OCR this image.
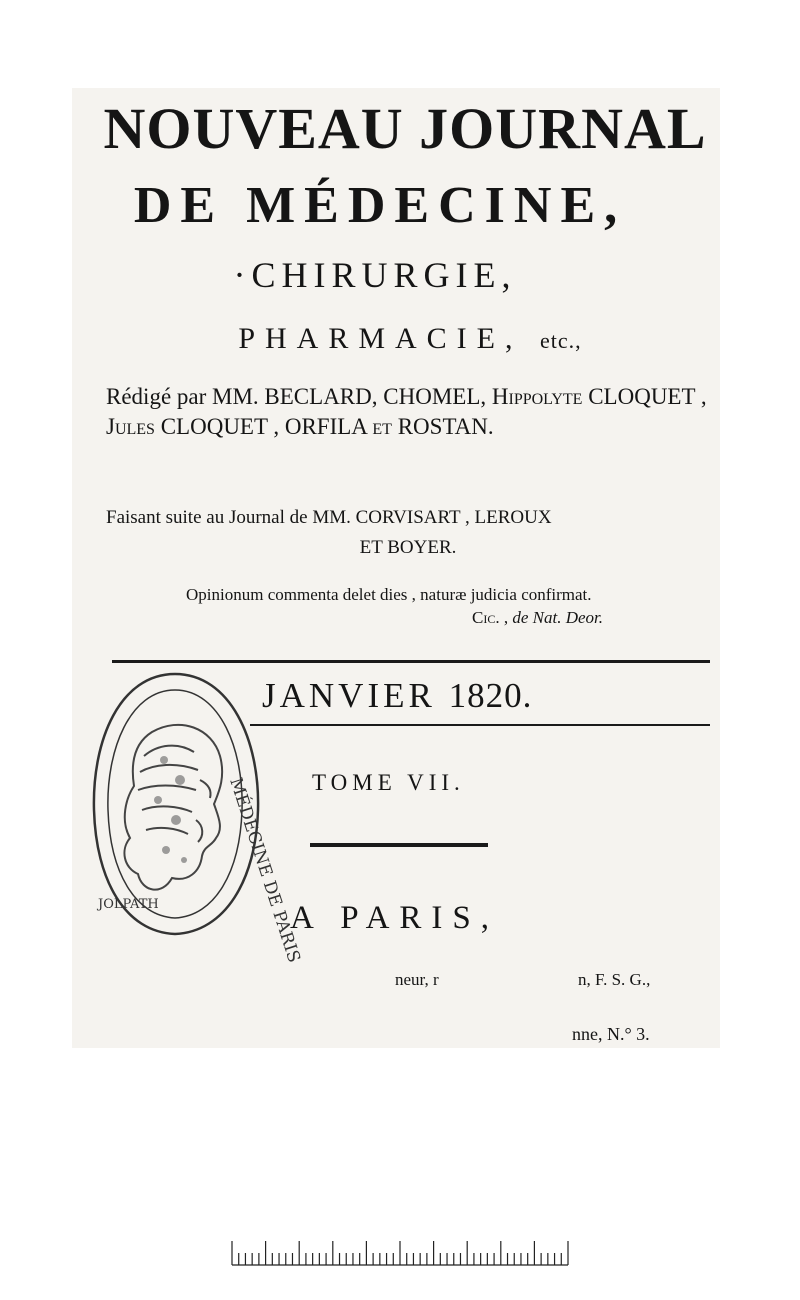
NOUVEAU JOURNAL
DE MÉDECINE,
·CHIRURGIE,
PHARMACIE, etc.,
Rédigé par MM. BECLARD, CHOMEL, Hippolyte CLOQUET , Jules CLOQUET , ORFILA et ROSTAN.
Faisant suite au Journal de MM. CORVISART , LEROUX
ET BOYER.
Opinionum commenta delet dies , naturæ judicia confirmat.
Cic. , de Nat. Deor.
JANVIER 1820.
TOME VII.
A PARIS,
neur, r	n, F. S. G.,
nne, N.° 3.
MÉDECINE DE PARIS
JOLPATH
